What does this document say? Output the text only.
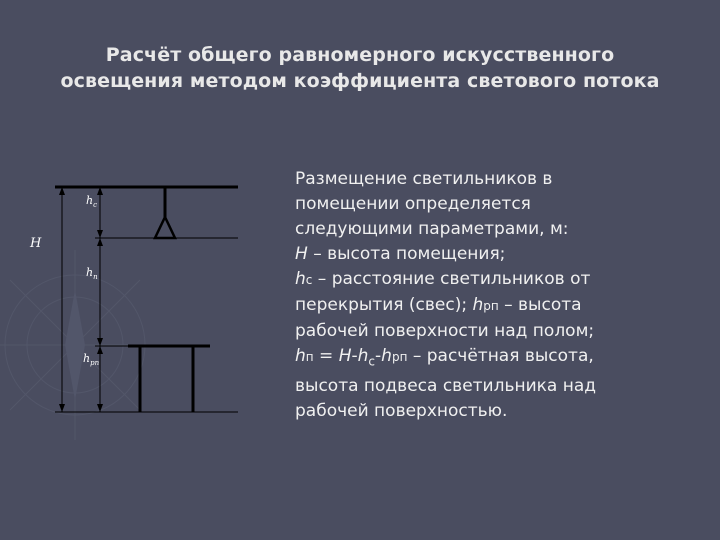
Расчёт общего равномерного искусственного
освещения методом коэффициента светового потока
H
$h_с$
$h_п$
$h_{рп}$
Размещение светильников в
помещении определяется
следующими параметрами, м:
H – высота помещения;
hс – расстояние светильников от
перекрытия (свес); hрп – высота
рабочей поверхности над полом;
hп = $H-h_с$-hрп – расчётная высота,
высота подвеса светильника над
рабочей поверхностью.
